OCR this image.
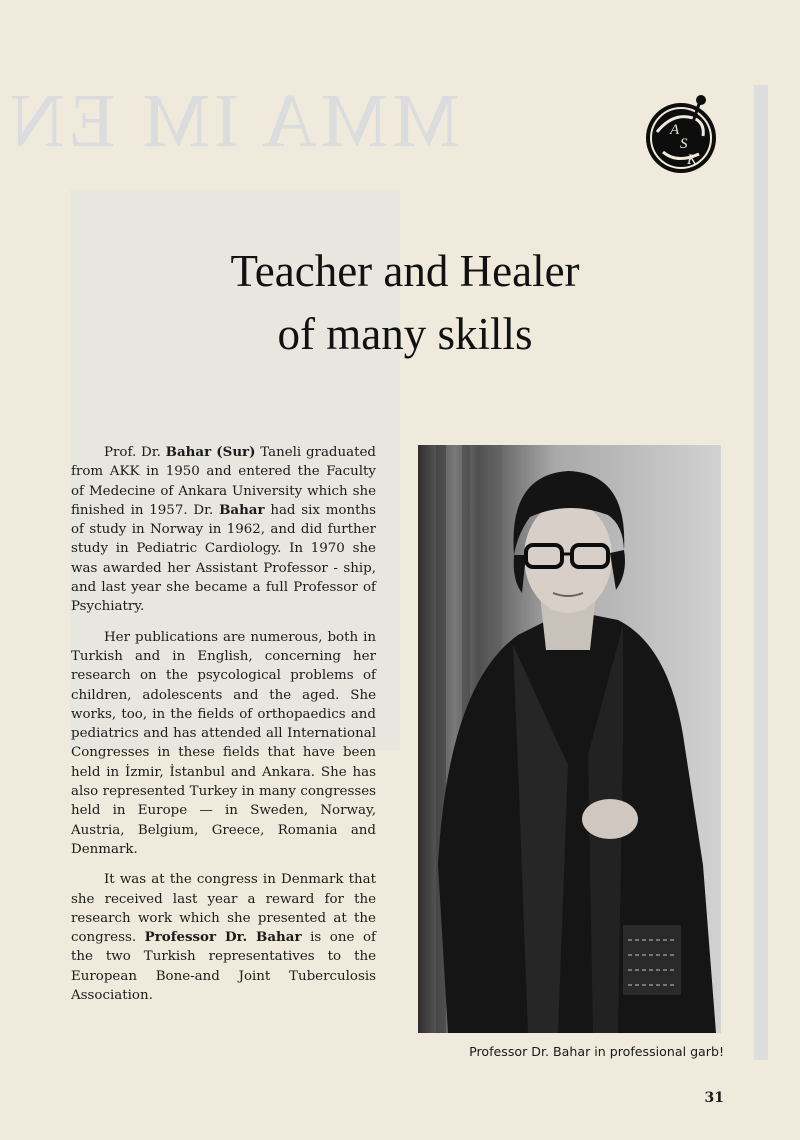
MMA IM EN	A
S
K
Teacher and Healer
of many skills

Prof. Dr. Bahar (Sur) Taneli graduated from AKK in 1950 and entered the Faculty of Medecine of Ankara University which she finished in 1957. Dr. Bahar had six months of study in Norway in 1962, and did further study in Pediatric Cardiology. In 1970 she was awarded her Assistant Professor - ship, and last year she became a full Professor of Psychiatry.

Her publications are numerous, both in Turkish and in English, concerning her research on the psycological problems of children, adolescents and the aged. She works, too, in the fields of orthopaedics and pediatrics and has attended all International Congresses in these fields that have been held in İzmir, İstanbul and Ankara. She has also represented Turkey in many congresses held in Europe — in Sweden, Norway, Austria, Belgium, Greece, Romania and Denmark.

It was at the congress in Denmark that she received last year a reward for the research work which she presented at the congress. Professor Dr. Bahar is one of the two Turkish representatives to the European Bone-and Joint Tuberculosis Association.

Professor Dr. Bahar in professional garb!
31
